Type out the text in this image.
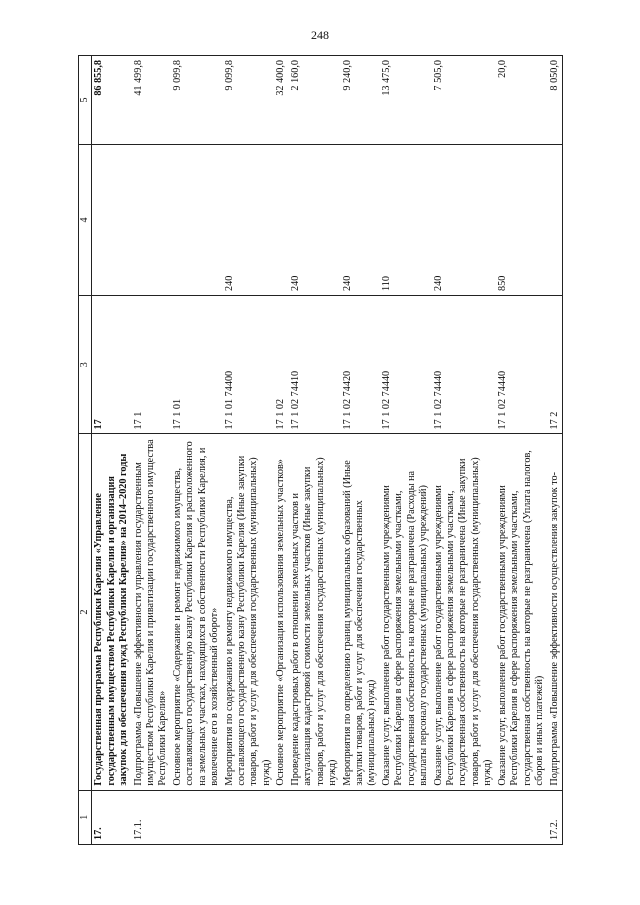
248
1	2	3	4	5
17.	Государственная программа Республики Карелия «Управление государственным имуществом Республики Карелия и организация закупок для обеспечения нужд Республики Карелия» на 2014–2020 годы	17		86 855,8
17.1.	Подпрограмма «Повышение эффективности управления государственным имуществом Республики Карелия и приватизации государственного имущества Республики Карелия»	17 1		41 499,8
	Основное мероприятие «Содержание и ремонт недвижимого имущества, составляющего государственную казну Республики Карелия и расположенного на земельных участках, находящихся в собственности Республики Карелия, и вовлечение его в хозяйственный оборот»	17 1 01		9 099,8
	Мероприятия по содержанию и ремонту недвижимого имущества, составляющего государственную казну Республики Карелия (Иные закупки товаров, работ и услуг для обеспечения государственных (муниципальных) нужд)	17 1 01 74400	240	9 099,8
	Основное мероприятие «Организация использования земельных участков»	17 1 02		32 400,0
	Проведение кадастровых работ в отношении земельных участков и актуализация кадастровой стоимости земельных участков (Иные закупки товаров, работ и услуг для обеспечения государственных (муниципальных) нужд)	17 1 02 74410	240	2 160,0
	Мероприятия по определению границ муниципальных образований (Иные закупки товаров, работ и услуг для обеспечения государственных (муниципальных) нужд)	17 1 02 74420	240	9 240,0
	Оказание услуг, выполнение работ государственными учреждениями Республики Карелия в сфере распоряжения земельными участками, государственная собственность на которые не разграничена (Расходы на выплаты персоналу государственных (муниципальных) учреждений)	17 1 02 74440	110	13 475,0
	Оказание услуг, выполнение работ государственными учреждениями Республики Карелия в сфере распоряжения земельными участками, государственная собственность на которые не разграничена (Иные закупки товаров, работ и услуг для обеспечения государственных (муниципальных) нужд)	17 1 02 74440	240	7 505,0
	Оказание услуг, выполнение работ государственными учреждениями Республики Карелия в сфере распоряжения земельными участками, государственная собственность на которые не разграничена (Уплата налогов, сборов и иных платежей)	17 1 02 74440	850	20,0
17.2.	Подпрограмма «Повышение эффективности осуществления закупок то-	17 2		8 050,0
